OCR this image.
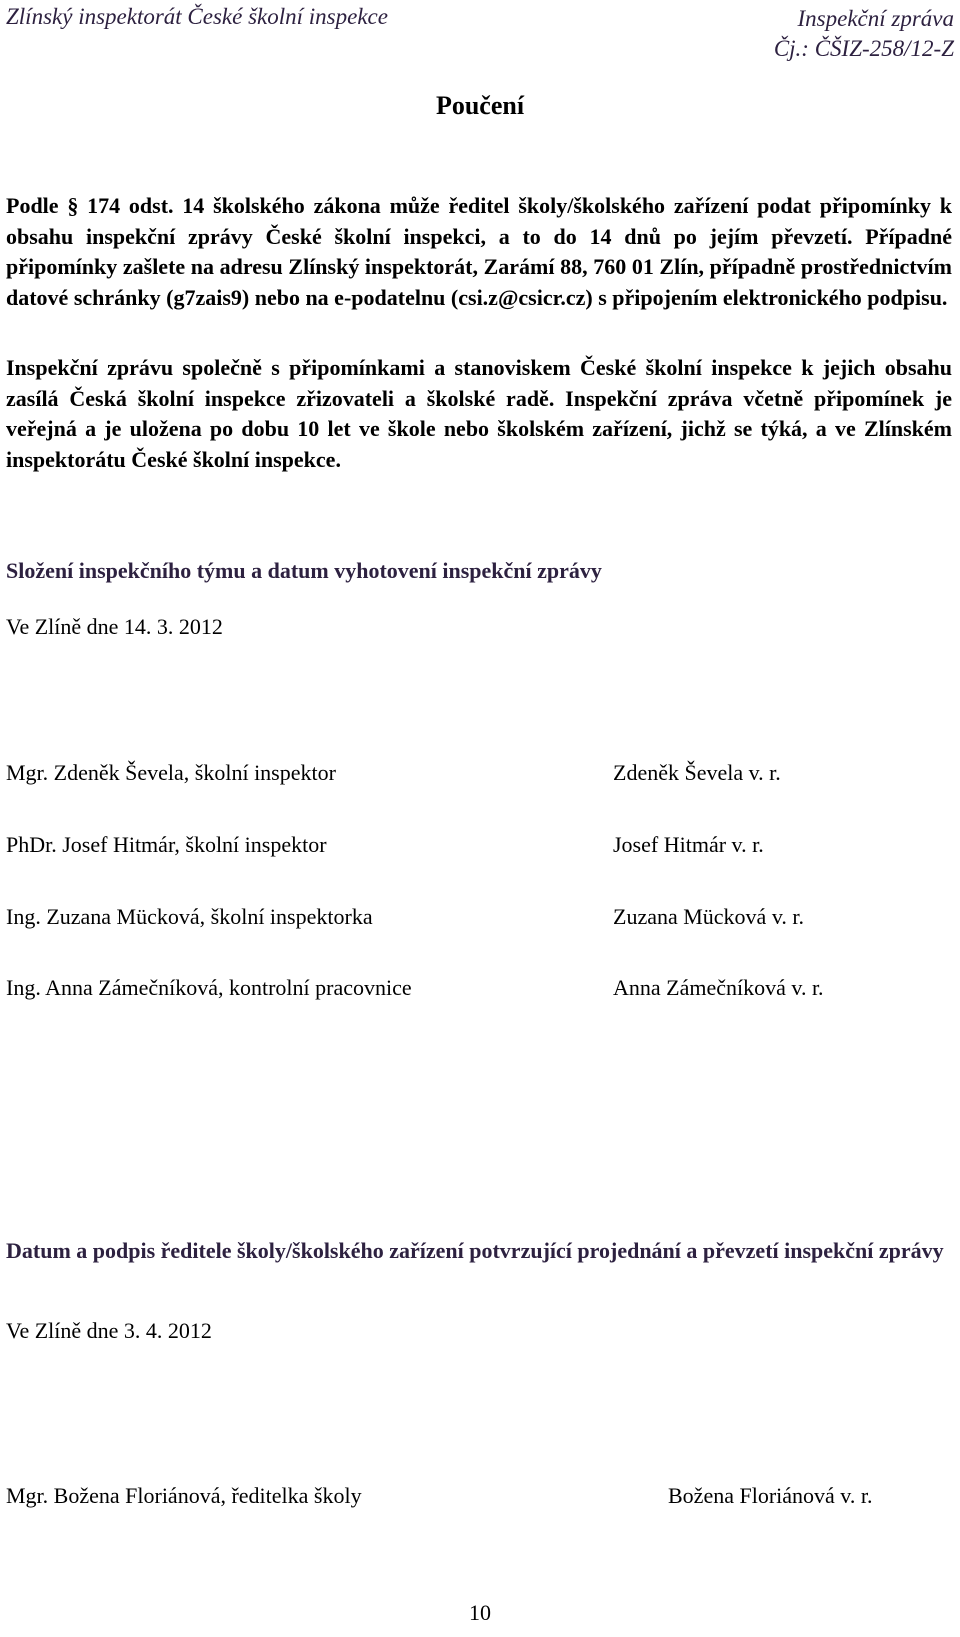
Zlínský inspektorát České školní inspekce	Inspekční zpráva
Čj.: ČŠIZ-258/12-Z
Poučení
Podle § 174 odst. 14 školského zákona může ředitel školy/školského zařízení podat připomínky k obsahu inspekční zprávy České školní inspekci, a to do 14 dnů po jejím převzetí. Případné připomínky zašlete na adresu Zlínský inspektorát, Zarámí 88, 760 01 Zlín, případně prostřednictvím datové schránky (g7zais9) nebo na e-podatelnu (csi.z@csicr.cz) s připojením elektronického podpisu.
Inspekční zprávu společně s připomínkami a stanoviskem České školní inspekce k jejich obsahu zasílá Česká školní inspekce zřizovateli a školské radě. Inspekční zpráva včetně připomínek je veřejná a je uložena po dobu 10 let ve škole nebo školském zařízení, jichž se týká, a ve Zlínském inspektorátu České školní inspekce.
Složení inspekčního týmu a datum vyhotovení inspekční zprávy
Ve Zlíně dne 14. 3. 2012
Mgr. Zdeněk Ševela, školní inspektor	Zdeněk Ševela v. r.
PhDr. Josef Hitmár, školní inspektor	Josef Hitmár v. r.
Ing. Zuzana Mücková, školní inspektorka	Zuzana Mücková v. r.
Ing. Anna Zámečníková, kontrolní pracovnice	Anna Zámečníková v. r.
Datum a podpis ředitele školy/školského zařízení potvrzující projednání a převzetí inspekční zprávy
Ve Zlíně dne 3. 4. 2012
Mgr. Božena Floriánová, ředitelka školy	Božena Floriánová v. r.
10
